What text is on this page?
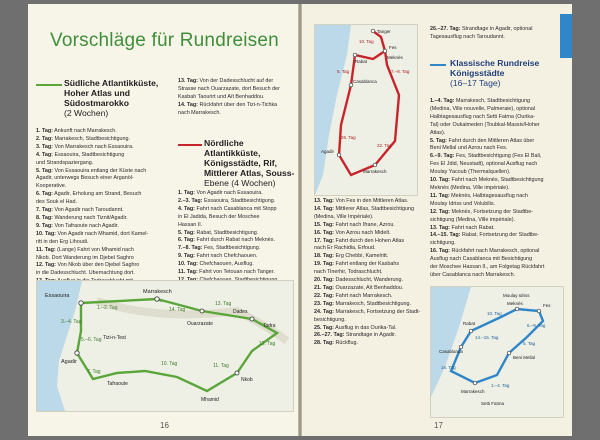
Vorschläge für Rundreisen
Südliche Atlantikküste,
Hoher Atlas und
Südostmarokko
(2 Wochen)
1. Tag: Ankunft nach Marrakesch.
2. Tag: Marrakesch, Stadtbesichtigung.
3. Tag: Von Marrakesch nach Essaouira.
4. Tag: Essaouira, Stadtbesichtigung
und Strandspaziergang.
5. Tag: Von Essaouira entlang der Küste nach
Agadir, unterwegs Besuch einer Arganöl-
Kooperative.
6. Tag: Agadir, Erholung am Strand, Besuch
des Souk el Had.
7. Tag: Von Agadir nach Taroudannt.
8. Tag: Wanderung nach Tiznit/Agadir.
9. Tag: Von Tafraoute nach Agadir.
10. Tag: Von Agadir nach Mhamid, dort Kamel-
ritt in den Erg Lihoudi.
11. Tag: (Lange) Fahrt von Mhamid nach
Nkob. Dort Wanderung im Djebel Saghro
12. Tag: Von Nkob über den Djebel Saghro
in die Dadesschlucht. Übernachtung dort.
13. Tag: Von der Dadesschlucht auf der
Strasse nach Ouarzazate, dort Besuch der
Kasbah Taourirt und Aït Benhaddou.
14. Tag: Rückfahrt über den Tizi-n-Tichka
nach Marrakesch.
Nördliche Atlantikküste,
Königsstädte, Rif,
Mittlerer Atlas, Souss-
Ebene (4 Wochen)
1. Tag: Von Agadir nach Essaouira.
2.–3. Tag: Essaouira, Stadtbesichtigung.
4. Tag: Fahrt nach Casablanca mit Stopp
in El Jadida, Besuch der Moschee
Hassan II.
5. Tag: Rabat, Stadtbesichtigung.
6. Tag: Fahrt durch Rabat nach Meknès.
7.–8. Tag: Fes, Stadtbesichtigung.
9. Tag: Fahrt nach Chefchaouen.
10. Tag: Chefchaouen, Ausflug.
11. Tag: Fahrt von Tetouan nach Tanger.
Essaouira
Marrakesch
Agadir
Tizi-n-Test
Ouarzazate
Dades
Todra
Nkob
Mhamid
Tafraoute
1.–2. Tag
3.–4. Tag
5.–6. Tag
7. Tag
10. Tag	11. Tag
12. Tag
13. Tag
14. Tag
16
Tanger
Rabat
Fes
Meknès
Casablanca
Marrakesch
Agadir
5. Tag	7.–8. Tag
10. Tag
22. Tag
26. Tag
13. Tag: Von Fes in den Mittleren Atlas.
14. Tag: Mittlerer Atlas, Stadtbesichtigung
(Medina, Ville Impériale).
15. Tag: Fahrt nach Ifrane, Azrou.
16. Tag: Von Azrou nach Midelt.
17. Tag: Fahrt durch den Hohen Atlas
nach Er Rachidia, Erfoud.
18. Tag: Erg Chebbi, Kamelritt.
19. Tag: Fahrt entlang der Kasbahs
nach Tinerhir, Todraschlucht.
20. Tag: Dadesschlucht, Wanderung.
21. Tag: Ouarzazate, Aït Benhaddou.
22. Tag: Fahrt nach Marrakesch.
23. Tag: Marrakesch, Stadtbesichtigung.
24. Tag: Marrakesch, Fortsetzung der Stadt-
besichtigung.
25. Tag: Ausflug in das Ourika-Tal.
26.–27. Tag: Strandtage in Agadir.
28. Tag: Rückflug.
26.–27. Tag: Strandtage in Agadir, optional
Tagesausflug nach Taroudannt.
Klassische Rundreise
Königsstädte
(16–17 Tage)
1.–4. Tag: Marrakesch, Stadtbesichtigung
(Medina, Ville nouvelle, Palmeraie), optional
Halbtagesausflug nach Setti Fatma (Ourika-
Tal) oder Oukaimeden (Toubkal-Massiv/Hoher
Atlas).
5. Tag: Fahrt durch den Mittleren Atlas über
Beni Mellal und Azrou nach Fes.
6.–9. Tag: Fes, Stadtbesichtigung (Fes El Bali,
Fes El Jdid, Neustadt), optional Ausflug nach
Moulay Yacoub (Thermalquellen).
10. Tag: Fahrt nach Meknès, Stadtbesichtigung
Meknès (Medina, Ville impériale).
11. Tag: Meknès, Halbtagesausflug nach
Moulay Idriss und Volubilis.
12. Tag: Meknès, Fortsetzung der Stadtbe-
sichtigung (Medina, Ville impériale).
13. Tag: Fahrt nach Rabat.
14.–15. Tag: Rabat, Fortsetzung der Stadtbe-
sichtigung.
16. Tag: Rückfahrt nach Marrakesch, optional
Ausflug nach Casablanca mit Besichtigung
der Moschee Hassan II., am Folgetag Rückfahrt
über Casablanca nach Marrakesch.
Moulay Idriss
Rabat
Meknès	Fes
Casablanca
Beni Mellal
Marrakesch
Setti Fatma
10. Tag
14.–15. Tag
5. Tag
6.–9. Tag
16. Tag
1.–4. Tag
17
